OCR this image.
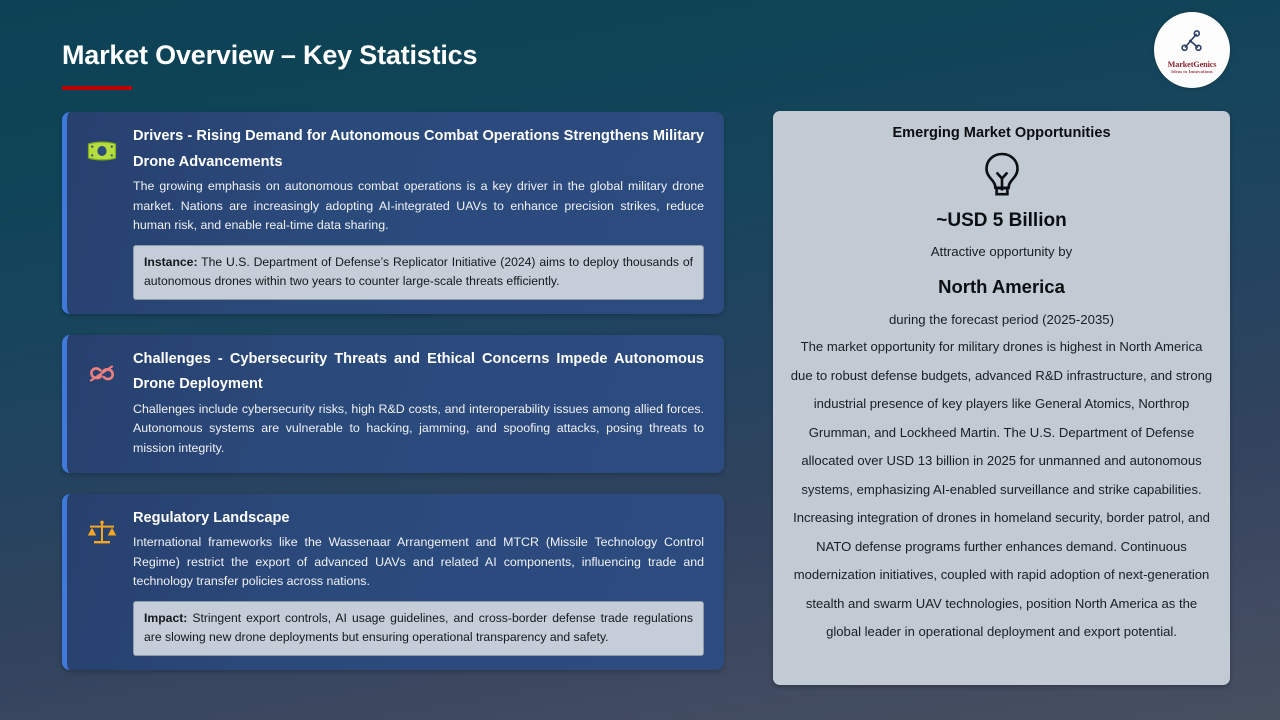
Market Overview – Key Statistics	MarketGenics
Ideas to Innovations
Drivers - Rising Demand for Autonomous Combat Operations Strengthens Military Drone Advancements
The growing emphasis on autonomous combat operations is a key driver in the global military drone market. Nations are increasingly adopting AI-integrated UAVs to enhance precision strikes, reduce human risk, and enable real-time data sharing.
Instance: The U.S. Department of Defense’s Replicator Initiative (2024) aims to deploy thousands of autonomous drones within two years to counter large-scale threats efficiently.
Challenges - Cybersecurity Threats and Ethical Concerns Impede Autonomous Drone Deployment
Challenges include cybersecurity risks, high R&D costs, and interoperability issues among allied forces. Autonomous systems are vulnerable to hacking, jamming, and spoofing attacks, posing threats to mission integrity.
Regulatory Landscape
International frameworks like the Wassenaar Arrangement and MTCR (Missile Technology Control Regime) restrict the export of advanced UAVs and related AI components, influencing trade and technology transfer policies across nations.
Impact: Stringent export controls, AI usage guidelines, and cross-border defense trade regulations are slowing new drone deployments but ensuring operational transparency and safety.
Emerging Market Opportunities
~USD 5 Billion
Attractive opportunity by
North America
during the forecast period (2025-2035)
The market opportunity for military drones is highest in North America due to robust defense budgets, advanced R&D infrastructure, and strong industrial presence of key players like General Atomics, Northrop Grumman, and Lockheed Martin. The U.S. Department of Defense allocated over USD 13 billion in 2025 for unmanned and autonomous systems, emphasizing AI-enabled surveillance and strike capabilities. Increasing integration of drones in homeland security, border patrol, and NATO defense programs further enhances demand. Continuous modernization initiatives, coupled with rapid adoption of next-generation stealth and swarm UAV technologies, position North America as the global leader in operational deployment and export potential.
